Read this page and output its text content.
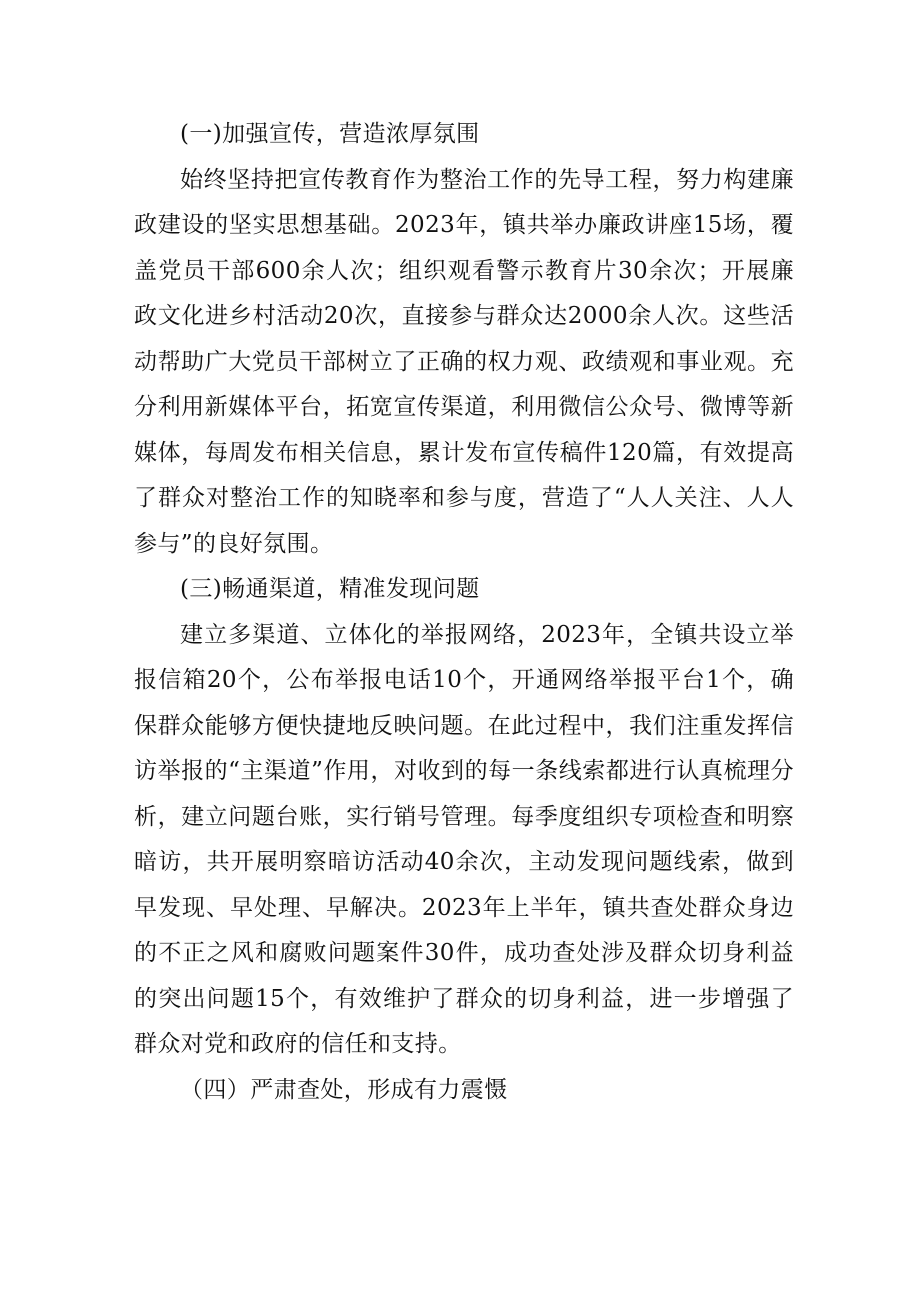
(一)加强宣传，营造浓厚氛围

始终坚持把宣传教育作为整治工作的先导工程，努力构建廉政建设的坚实思想基础。2023年，镇共举办廉政讲座15场，覆盖党员干部600余人次；组织观看警示教育片30余次；开展廉政文化进乡村活动20次，直接参与群众达2000余人次。这些活动帮助广大党员干部树立了正确的权力观、政绩观和事业观。充分利用新媒体平台，拓宽宣传渠道，利用微信公众号、微博等新媒体，每周发布相关信息，累计发布宣传稿件120篇，有效提高了群众对整治工作的知晓率和参与度，营造了“人人关注、人人参与”的良好氛围。

(三)畅通渠道，精准发现问题

建立多渠道、立体化的举报网络，2023年，全镇共设立举报信箱20个，公布举报电话10个，开通网络举报平台1个，确保群众能够方便快捷地反映问题。在此过程中，我们注重发挥信访举报的“主渠道”作用，对收到的每一条线索都进行认真梳理分析，建立问题台账，实行销号管理。每季度组织专项检查和明察暗访，共开展明察暗访活动40余次，主动发现问题线索，做到早发现、早处理、早解决。2023年上半年，镇共查处群众身边的不正之风和腐败问题案件30件，成功查处涉及群众切身利益的突出问题15个，有效维护了群众的切身利益，进一步增强了群众对党和政府的信任和支持。

（四）严肃查处，形成有力震慑
